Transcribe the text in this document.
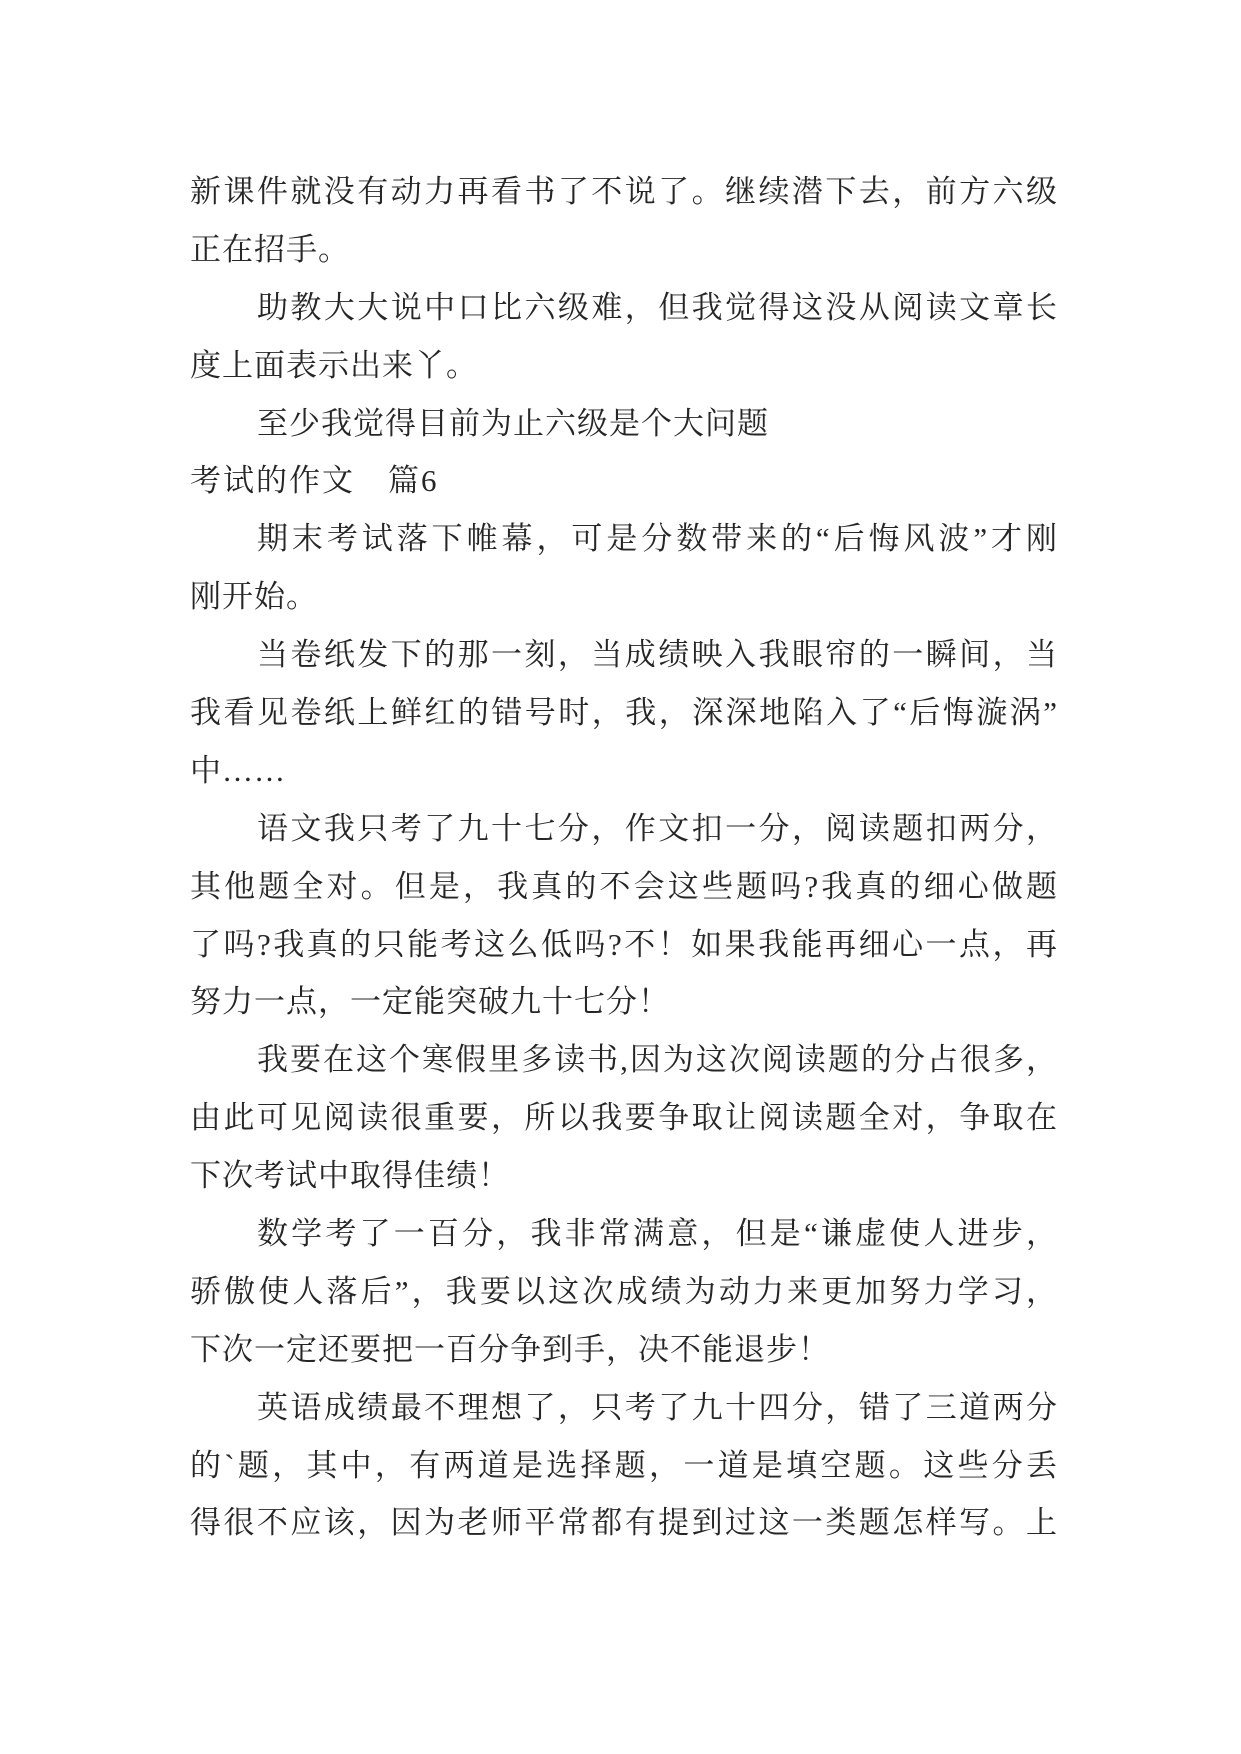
新课件就没有动力再看书了不说了。继续潜下去，前方六级
正在招手。
助教大大说中口比六级难，但我觉得这没从阅读文章长
度上面表示出来丫。
至少我觉得目前为止六级是个大问题
考试的作文　篇6
期末考试落下帷幕，可是分数带来的“后悔风波”才刚
刚开始。
当卷纸发下的那一刻，当成绩映入我眼帘的一瞬间，当
我看见卷纸上鲜红的错号时，我，深深地陷入了“后悔漩涡”
中……
语文我只考了九十七分，作文扣一分，阅读题扣两分，
其他题全对。但是，我真的不会这些题吗?我真的细心做题
了吗?我真的只能考这么低吗?不！如果我能再细心一点，再
努力一点，一定能突破九十七分！
我要在这个寒假里多读书,因为这次阅读题的分占很多，
由此可见阅读很重要，所以我要争取让阅读题全对，争取在
下次考试中取得佳绩！
数学考了一百分，我非常满意，但是“谦虚使人进步，
骄傲使人落后”，我要以这次成绩为动力来更加努力学习，
下次一定还要把一百分争到手，决不能退步！
英语成绩最不理想了，只考了九十四分，错了三道两分
的`题，其中，有两道是选择题，一道是填空题。这些分丢
得很不应该，因为老师平常都有提到过这一类题怎样写。上
